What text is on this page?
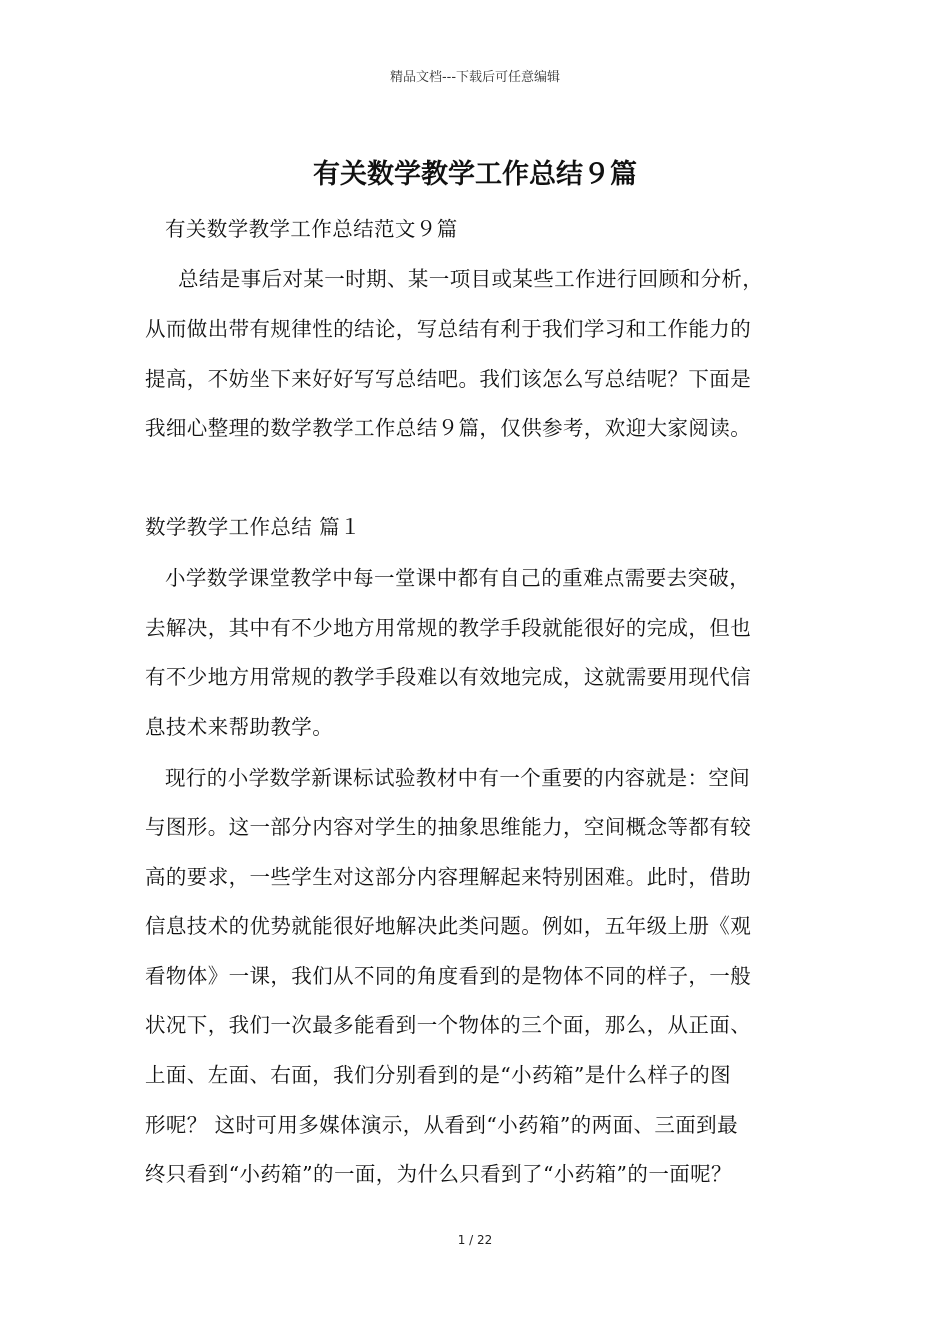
精品文档---下载后可任意编辑
有关数学教学工作总结９篇
有关数学教学工作总结范文９篇
总结是事后对某一时期、某一项目或某些工作进行回顾和分析，
从而做出带有规律性的结论，写总结有利于我们学习和工作能力的
提高，不妨坐下来好好写写总结吧。我们该怎么写总结呢？下面是
我细心整理的数学教学工作总结９篇，仅供参考，欢迎大家阅读。
数学教学工作总结 篇１
小学数学课堂教学中每一堂课中都有自己的重难点需要去突破，
去解决，其中有不少地方用常规的教学手段就能很好的完成，但也
有不少地方用常规的教学手段难以有效地完成，这就需要用现代信
息技术来帮助教学。
现行的小学数学新课标试验教材中有一个重要的内容就是：空间
与图形。这一部分内容对学生的抽象思维能力，空间概念等都有较
高的要求，一些学生对这部分内容理解起来特别困难。此时，借助
信息技术的优势就能很好地解决此类问题。例如，五年级上册《观
看物体》一课，我们从不同的角度看到的是物体不同的样子，一般
状况下，我们一次最多能看到一个物体的三个面，那么，从正面、
上面、左面、右面，我们分别看到的是“小药箱”是什么样子的图
形呢？ 这时可用多媒体演示，从看到“小药箱”的两面、三面到最
终只看到“小药箱”的一面，为什么只看到了“小药箱”的一面呢？
1 / 22
